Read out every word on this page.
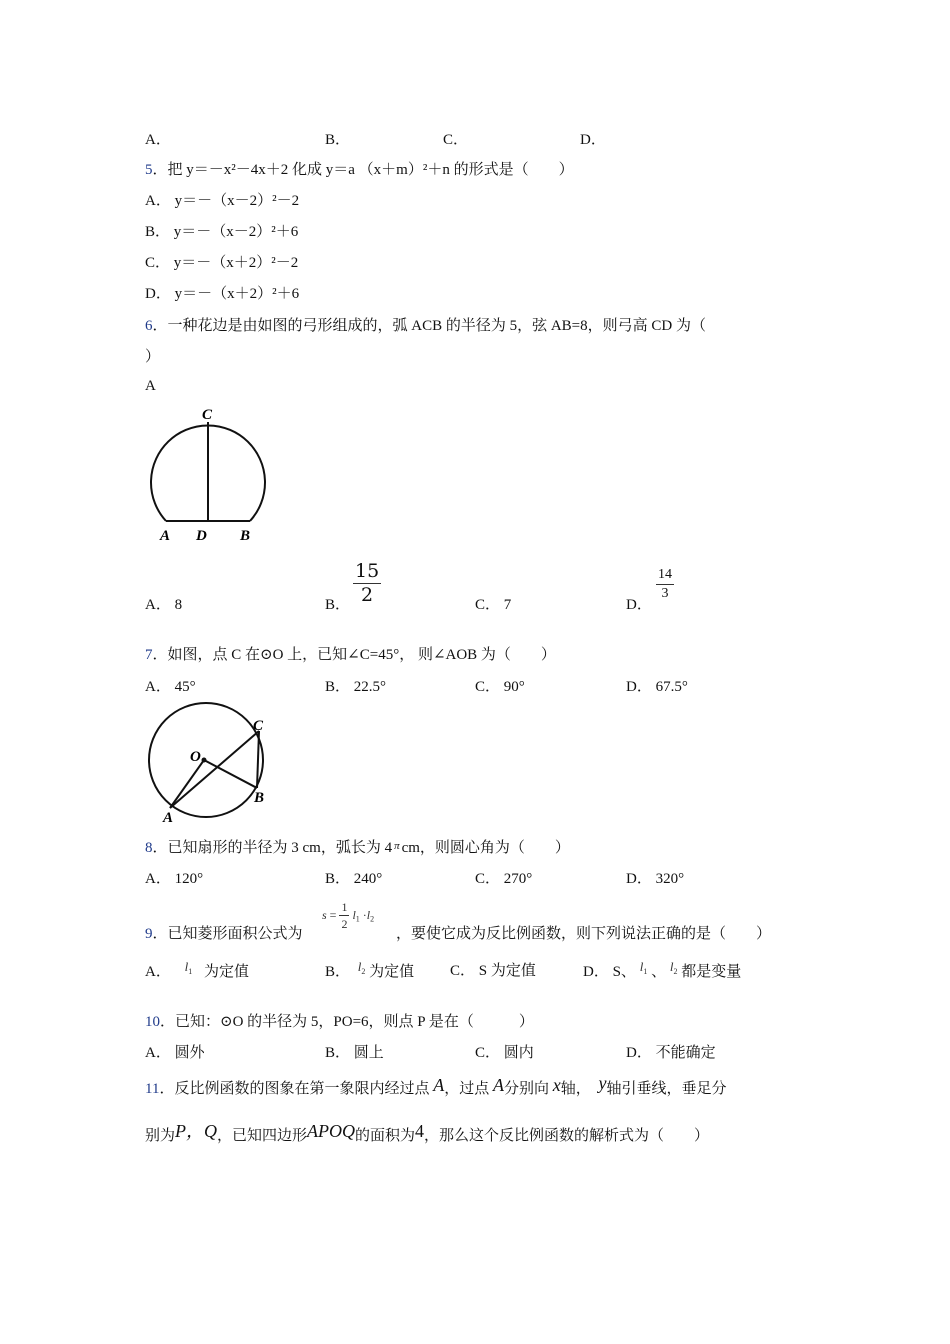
A．	B．	C．	D．
5．把 y＝－x²－4x＋2 化成 y＝a （x＋m）²＋n 的形式是（　　）
A． y＝－（x－2）²－2
B． y＝－（x－2）²＋6
C． y＝－（x＋2）²－2
D． y＝－（x＋2）²＋6
6．一种花边是由如图的弓形组成的，弧 ACB 的半径为 5，弦 AB=8，则弓高 CD 为（
）
A
C
A D B
A． 8	B． $\frac{15}{2}$	C． 7	D．
$\frac{14}{3}$
7．如图，点 C 在⊙O 上，已知∠C=45°， 则∠AOB 为（　　）
A． 45°	B． 22.5°	C． 90°	D． 67.5°
O
C
B
A
8．已知扇形的半径为 3 cm，弧长为 4 $^\pi$ cm，则圆心角为（　　）
A． 120°	B． 240°	C． 270°	D． 320°
9．已知菱形面积公式为
$s = \frac{1}{2} l_1 \cdot l_2$
，要使它成为反比例函数，则下列说法正确的是（　　）
A． $l_1$ 为定值	B． $l_2$ 为定值 C． S 为定值	D． S、 $l_1$ 、 $l_2$ 都是变量
10．已知：⊙O 的半径为 5，PO=6，则点 P 是在（　　　）
A． 圆外	B． 圆上	C． 圆内	D． 不能确定
11．反比例函数的图象在第一象限内经过点 A，过点 A分别向 x轴， y轴引垂线，垂足分
别为P，Q，已知四边形APOQ的面积为4，那么这个反比例函数的解析式为（　　）
